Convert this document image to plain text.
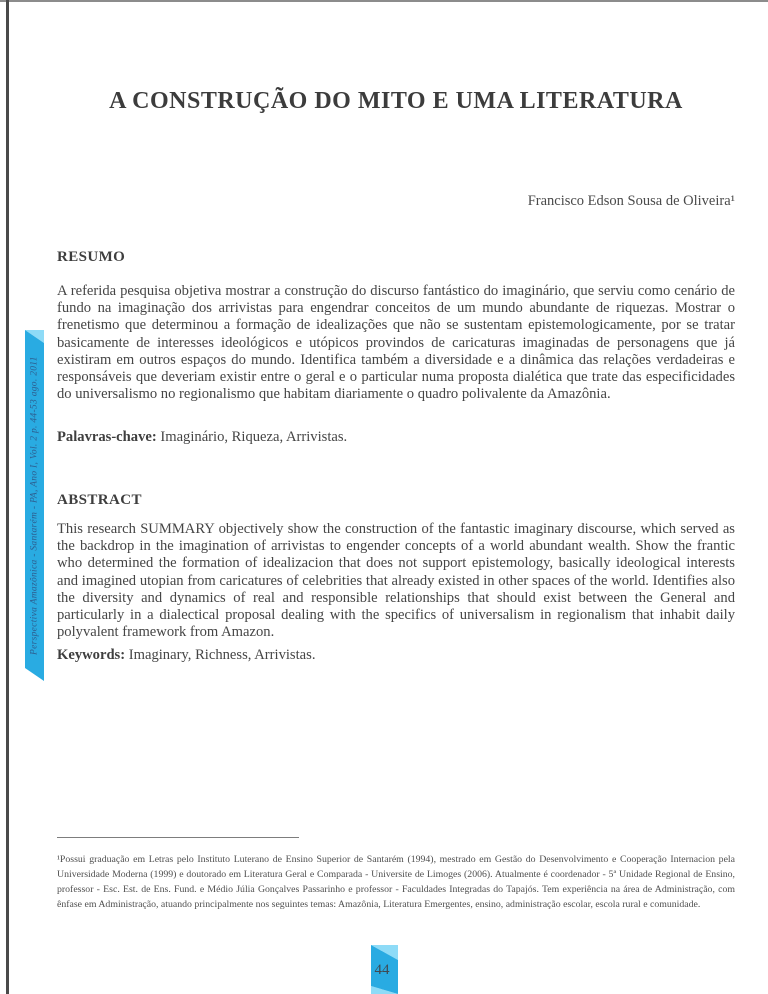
A CONSTRUÇÃO DO MITO E UMA LITERATURA
Francisco Edson Sousa de Oliveira¹
RESUMO
A referida pesquisa objetiva mostrar a construção do discurso fantástico do imaginário, que serviu como cenário de fundo na imaginação dos arrivistas para engendrar conceitos de um mundo abundante de riquezas. Mostrar o frenetismo que determinou a formação de idealizações que não se sustentam epistemologicamente, por se tratar basicamente de interesses ideológicos e utópicos provindos de caricaturas imaginadas de personagens que já existiram em outros espaços do mundo. Identifica também a diversidade e a dinâmica das relações verdadeiras e responsáveis que deveriam existir entre o geral e o particular numa proposta dialética que trate das especificidades do universalismo no regionalismo que habitam diariamente o quadro polivalente da Amazônia.
Palavras-chave: Imaginário, Riqueza, Arrivistas.
ABSTRACT
This research SUMMARY objectively show the construction of the fantastic imaginary discourse, which served as the backdrop in the imagination of arrivistas to engender concepts of a world abundant wealth. Show the frantic who determined the formation of idealizacion that does not support epistemology, basically ideological interests and imagined utopian from caricatures of celebrities that already existed in other spaces of the world. Identifies also the diversity and dynamics of real and responsible relationships that should exist between the General and particularly in a dialectical proposal dealing with the specifics of universalism in regionalism that inhabit daily polyvalent framework from Amazon.
Keywords: Imaginary, Richness, Arrivistas.
¹Possui graduação em Letras pelo Instituto Luterano de Ensino Superior de Santarém (1994), mestrado em Gestão do Desenvolvimento e Cooperação Internacion pela Universidade Moderna (1999) e doutorado em Literatura Geral e Comparada - Universite de Limoges (2006). Atualmente é coordenador - 5ª Unidade Regional de Ensino, professor - Esc. Est. de Ens. Fund. e Médio Júlia Gonçalves Passarinho e professor - Faculdades Integradas do Tapajós. Tem experiência na área de Administração, com ênfase em Administração, atuando principalmente nos seguintes temas: Amazônia, Literatura Emergentes, ensino, administração escolar, escola rural e comunidade.
Perspectiva Amazônica - Santarém - PA, Ano I, Vol. 2 p. 44-53 ago. 2011
44
